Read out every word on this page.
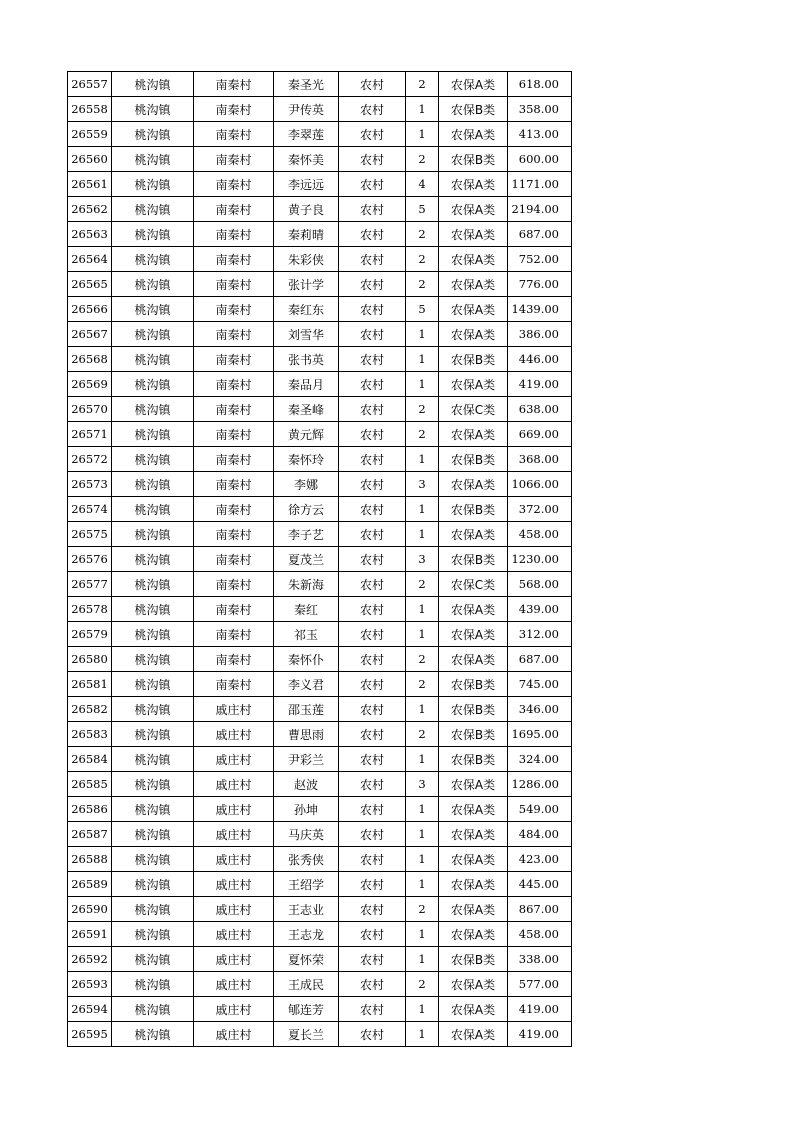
26557	桃沟镇	南秦村	秦圣光	农村	2	农保A类	618.00
26558	桃沟镇	南秦村	尹传英	农村	1	农保B类	358.00
26559	桃沟镇	南秦村	李翠莲	农村	1	农保A类	413.00
26560	桃沟镇	南秦村	秦怀美	农村	2	农保B类	600.00
26561	桃沟镇	南秦村	李远远	农村	4	农保A类	1171.00
26562	桃沟镇	南秦村	黄子良	农村	5	农保A类	2194.00
26563	桃沟镇	南秦村	秦莉晴	农村	2	农保A类	687.00
26564	桃沟镇	南秦村	朱彩侠	农村	2	农保A类	752.00
26565	桃沟镇	南秦村	张计学	农村	2	农保A类	776.00
26566	桃沟镇	南秦村	秦红东	农村	5	农保A类	1439.00
26567	桃沟镇	南秦村	刘雪华	农村	1	农保A类	386.00
26568	桃沟镇	南秦村	张书英	农村	1	农保B类	446.00
26569	桃沟镇	南秦村	秦品月	农村	1	农保A类	419.00
26570	桃沟镇	南秦村	秦圣峰	农村	2	农保C类	638.00
26571	桃沟镇	南秦村	黄元辉	农村	2	农保A类	669.00
26572	桃沟镇	南秦村	秦怀玲	农村	1	农保B类	368.00
26573	桃沟镇	南秦村	李娜	农村	3	农保A类	1066.00
26574	桃沟镇	南秦村	徐方云	农村	1	农保B类	372.00
26575	桃沟镇	南秦村	李子艺	农村	1	农保A类	458.00
26576	桃沟镇	南秦村	夏茂兰	农村	3	农保B类	1230.00
26577	桃沟镇	南秦村	朱新海	农村	2	农保C类	568.00
26578	桃沟镇	南秦村	秦红	农村	1	农保A类	439.00
26579	桃沟镇	南秦村	祁玉	农村	1	农保A类	312.00
26580	桃沟镇	南秦村	秦怀仆	农村	2	农保A类	687.00
26581	桃沟镇	南秦村	李义君	农村	2	农保B类	745.00
26582	桃沟镇	戚庄村	邵玉莲	农村	1	农保B类	346.00
26583	桃沟镇	戚庄村	曹思雨	农村	2	农保B类	1695.00
26584	桃沟镇	戚庄村	尹彩兰	农村	1	农保B类	324.00
26585	桃沟镇	戚庄村	赵波	农村	3	农保A类	1286.00
26586	桃沟镇	戚庄村	孙坤	农村	1	农保A类	549.00
26587	桃沟镇	戚庄村	马庆英	农村	1	农保A类	484.00
26588	桃沟镇	戚庄村	张秀侠	农村	1	农保A类	423.00
26589	桃沟镇	戚庄村	王绍学	农村	1	农保A类	445.00
26590	桃沟镇	戚庄村	王志业	农村	2	农保A类	867.00
26591	桃沟镇	戚庄村	王志龙	农村	1	农保A类	458.00
26592	桃沟镇	戚庄村	夏怀荣	农村	1	农保B类	338.00
26593	桃沟镇	戚庄村	王成民	农村	2	农保A类	577.00
26594	桃沟镇	戚庄村	郇连芳	农村	1	农保A类	419.00
26595	桃沟镇	戚庄村	夏长兰	农村	1	农保A类	419.00
